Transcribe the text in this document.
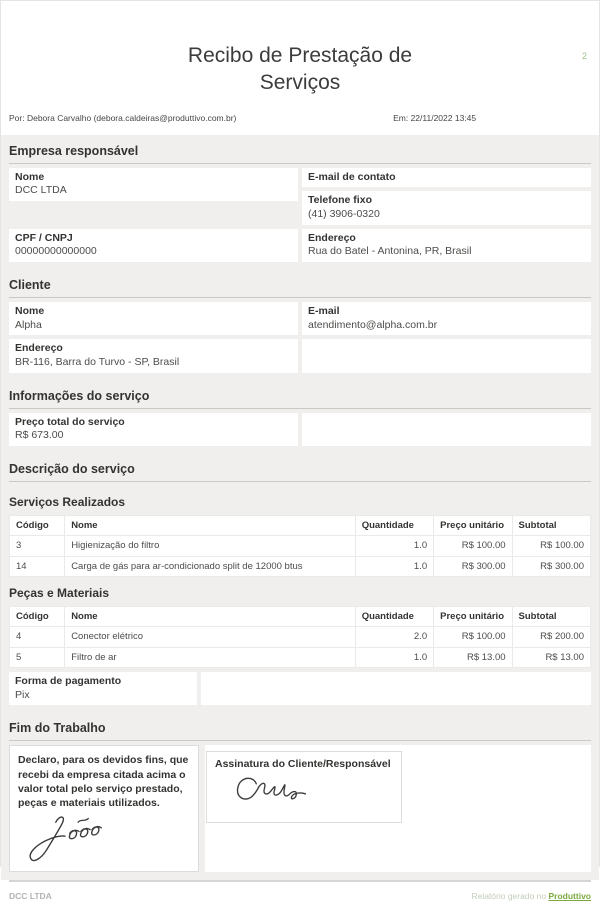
2
Recibo de Prestação de
Serviços
Por: Debora Carvalho (debora.caldeiras@produttivo.com.br)	Em: 22/11/2022 13:45
Empresa responsável
Nome
DCC LTDA
CPF / CNPJ
00000000000000
E-mail de contato
Telefone fixo
(41) 3906-0320
Endereço
Rua do Batel - Antonina, PR, Brasil
Cliente
Nome
Alpha
E-mail
atendimento@alpha.com.br
Endereço
BR-116, Barra do Turvo - SP, Brasil
Informações do serviço
Preço total do serviço
R$ 673.00
Descrição do serviço
Serviços Realizados
Código	Nome	Quantidade	Preço unitário	Subtotal
3	Higienização do filtro	1.0	R$ 100.00	R$ 100.00
14	Carga de gás para ar-condicionado split de 12000 btus	1.0	R$ 300.00	R$ 300.00
Peças e Materiais
Código	Nome	Quantidade	Preço unitário	Subtotal
4	Conector elétrico	2.0	R$ 100.00	R$ 200.00
5	Filtro de ar	1.0	R$ 13.00	R$ 13.00
Forma de pagamento
Pix
Fim do Trabalho
Declaro, para os devidos fins, que recebi da empresa citada acima o valor total pelo serviço prestado, peças e materiais utilizados.
Assinatura do Cliente/Responsável
DCC LTDA	Relatório gerado no Produttivo
